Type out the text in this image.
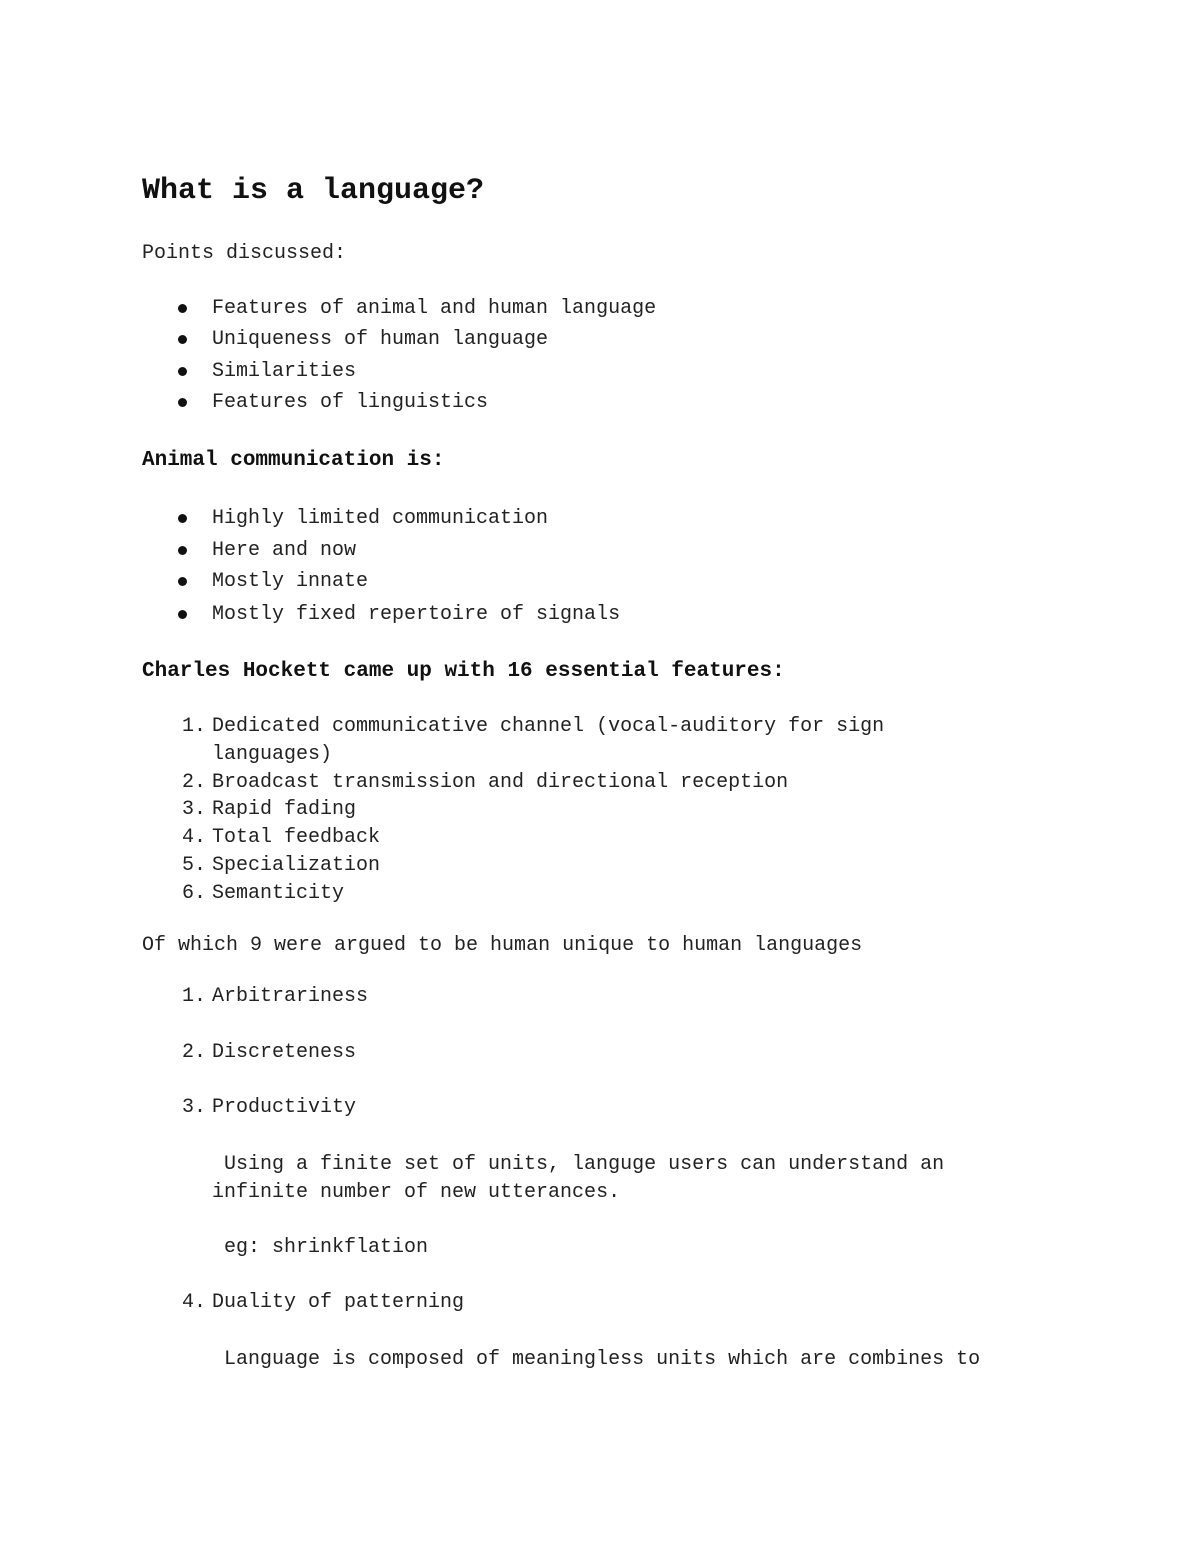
What is a language?
Points discussed:
Features of animal and human language
Uniqueness of human language
Similarities
Features of linguistics
Animal communication is:
Highly limited communication
Here and now
Mostly innate
Mostly fixed repertoire of signals
Charles Hockett came up with 16 essential features:
1. Dedicated communicative channel (vocal-auditory for sign
languages)
2. Broadcast transmission and directional reception
3. Rapid fading
4. Total feedback
5. Specialization
6. Semanticity
Of which 9 were argued to be human unique to human languages
1. Arbitrariness
2. Discreteness
3. Productivity
Using a finite set of units, languge users can understand an
infinite number of new utterances.
eg: shrinkflation
4. Duality of patterning
Language is composed of meaningless units which are combines to
